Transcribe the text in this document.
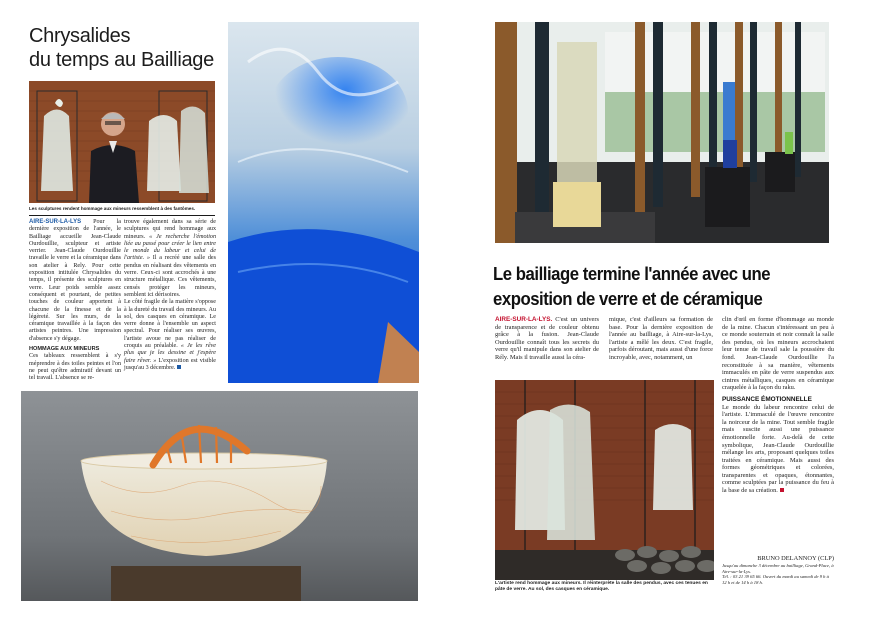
Chrysalides
du temps au Bailliage
Les sculptures rendent hommage aux mineurs ressemblent à des fantômes.
AIRE-SUR-LA-LYS Pour la dernière exposition de l'année, le Bailliage accueille Jean-Claude Ourdouillie, sculpteur et artiste verrier. Jean-Claude Ourdouillie travaille le verre et la céramique dans son atelier à Rely. Pour cette exposition intitulée Chrysalides du temps, il présente des sculptures en verre. Leur poids semble assez conséquent et pourtant, de petites touches de couleur apportent à chacune de la finesse et de la légèreté. Sur les murs, de la céramique travaillée à la façon des artistes peintres. Une impression d'absence s'y dégage.
HOMMAGE AUX MINEURS
Ces tableaux ressemblent à s'y méprendre à des toiles peintes et l'on ne peut qu'être admiratif devant un tel travail. L'absence se re-
trouve également dans sa série de sculptures qui rend hommage aux mineurs. « Je recherche l'émotion liée au passé pour créer le lien entre le monde du labeur et celui de l'artiste. » Il a recréé une salle des pendus en réalisant des vêtements en verre. Ceux-ci sont accrochés à une structure métallique. Ces vêtements, censés protéger les mineurs, semblent ici dérisoires.
Le côté fragile de la matière s'oppose à la dureté du travail des mineurs. Au sol, des casques en céramique. Le verre donne à l'ensemble un aspect spectral. Pour réaliser ses œuvres, l'artiste avoue ne pas réaliser de croquis au préalable. « Je les rêve plus que je les dessine et j'espère faire rêver. » L'exposition est visible jusqu'au 3 décembre.
Le bailliage termine l'année avec une
exposition de verre et de céramique
AIRE-SUR-LA-LYS. C'est un univers de transparence et de couleur obtenu grâce à la fusion. Jean-Claude Ourdouillie connaît tous les secrets du verre qu'il manipule dans son atelier de Rély. Mais il travaille aussi la céra-
mique, c'est d'ailleurs sa formation de base. Pour la dernière exposition de l'année au bailliage, à Aire-sur-la-Lys, l'artiste a mêlé les deux. C'est fragile, parfois déroutant, mais aussi d'une force incroyable, avec, notamment, un
clin d'œil en forme d'hommage au monde de la mine. Chacun s'intéressant un peu à ce monde souterrain et noir connaît la salle des pendus, où les mineurs accrochaient leur tenue de travail sale la poussière du fond. Jean-Claude Ourdouillie l'a reconstituée à sa manière, vêtements immaculés en pâte de verre suspendus aux cintres métalliques, casques en céramique craquelée à la façon du raku.
PUISSANCE ÉMOTIONNELLE
Le monde du labeur rencontre celui de l'artiste. L'immaculé de l'œuvre rencontre la noirceur de la mine. Tout semble fragile mais suscite aussi une puissance émotionnelle forte. Au-delà de cette symbolique, Jean-Claude Ourdouillie mélange les arts, proposant quelques toiles traitées en céramique. Mais aussi des formes géométriques et colorées, transparentes et opaques, étonnantes, comme sculptées par la puissance du feu à la base de sa création.
L'artiste rend hommage aux mineurs. Il réinterprète la salle des pendus, avec ces tenues en pâte de verre. Au sol, des casques en céramique.
BRUNO DELANNOY (CLP)
Jusqu'au dimanche 3 décembre au bailliage, Grand-Place, à Aire-sur-la-Lys.
Tél. : 03 21 39 65 66. Ouvert du mardi au samedi de 9 h à 12 h et de 14 h à 18 h.
